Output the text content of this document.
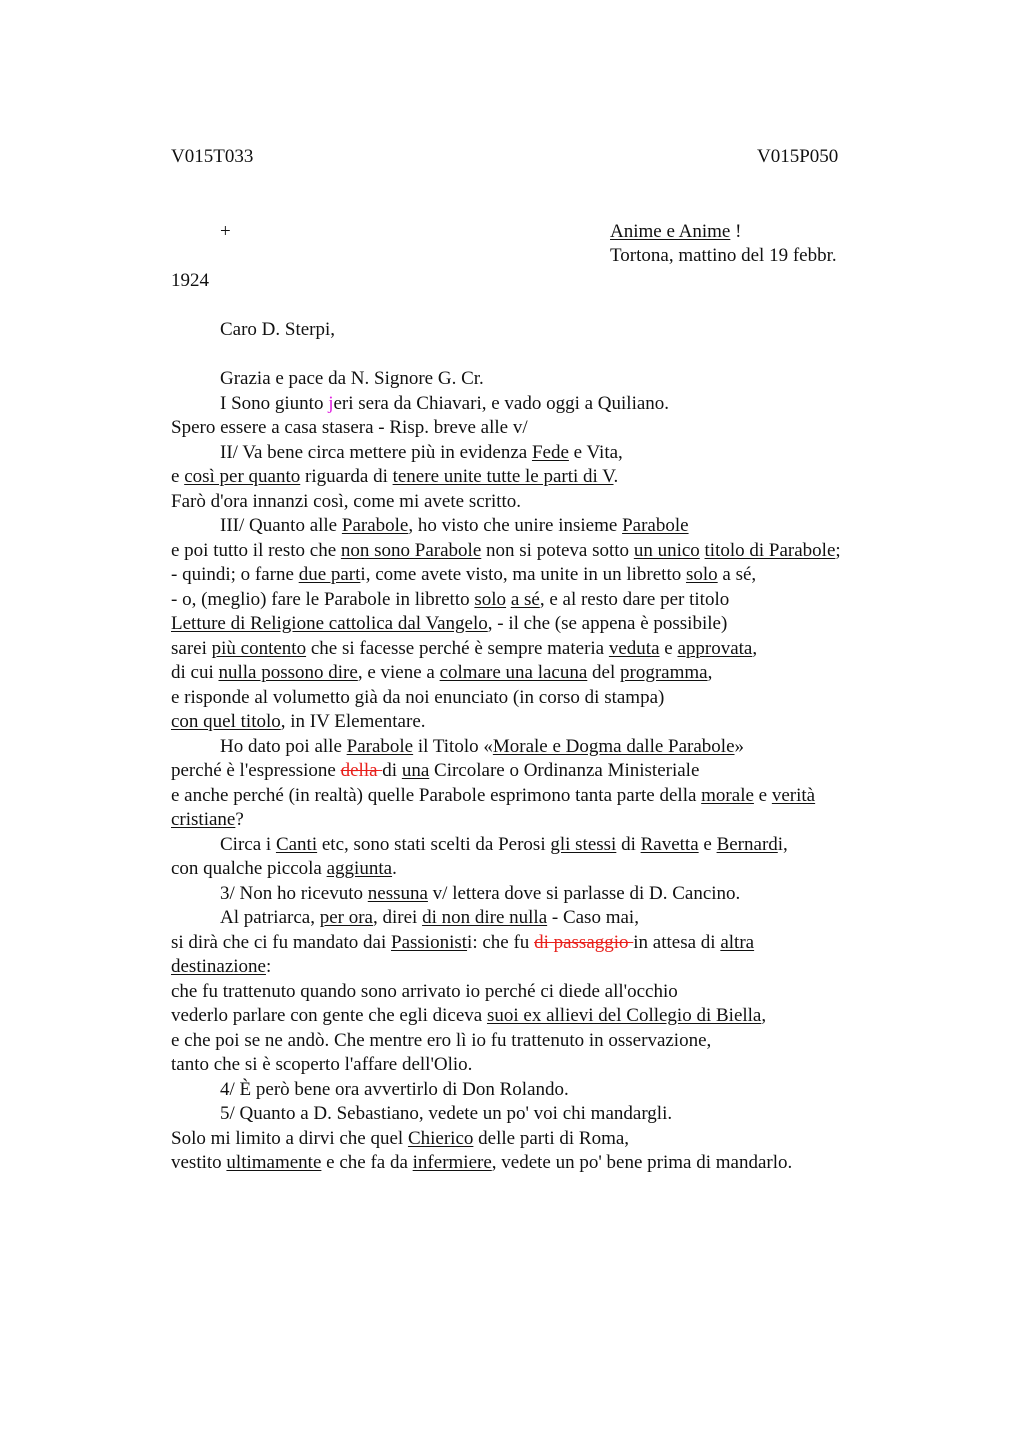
V015T033	V015P050
+	Anime e Anime !
Tortona, mattino del 19 febbr.
1924
Caro D. Sterpi,
Grazia e pace da N. Signore G. Cr.
I Sono giunto jeri sera da Chiavari, e vado oggi a Quiliano.
Spero essere a casa stasera - Risp. breve alle v/
II/ Va bene circa mettere più in evidenza Fede e Vita,
e così per quanto riguarda di tenere unite tutte le parti di V.
Farò d'ora innanzi così, come mi avete scritto.
III/ Quanto alle Parabole, ho visto che unire insieme Parabole
e poi tutto il resto che non sono Parabole non si poteva sotto un unico titolo di Parabole;
- quindi; o farne due parti, come avete visto, ma unite in un libretto solo a sé,
- o, (meglio) fare le Parabole in libretto solo a sé, e al resto dare per titolo
Letture di Religione cattolica dal Vangelo, - il che (se appena è possibile)
sarei più contento che si facesse perché è sempre materia veduta e approvata,
di cui nulla possono dire, e viene a colmare una lacuna del programma,
e risponde al volumetto già da noi enunciato (in corso di stampa)
con quel titolo, in IV Elementare.
Ho dato poi alle Parabole il Titolo «Morale e Dogma dalle Parabole»
perché è l'espressione della di una Circolare o Ordinanza Ministeriale
e anche perché (in realtà) quelle Parabole esprimono tanta parte della morale e verità
cristiane?
Circa i Canti etc, sono stati scelti da Perosi gli stessi di Ravetta e Bernardi,
con qualche piccola aggiunta.
3/ Non ho ricevuto nessuna v/ lettera dove si parlasse di D. Cancino.
Al patriarca, per ora, direi di non dire nulla - Caso mai,
si dirà che ci fu mandato dai Passionisti: che fu di passaggio in attesa di altra
destinazione:
che fu trattenuto quando sono arrivato io perché ci diede all'occhio
vederlo parlare con gente che egli diceva suoi ex allievi del Collegio di Biella,
e che poi se ne andò. Che mentre ero lì io fu trattenuto in osservazione,
tanto che si è scoperto l'affare dell'Olio.
4/ È però bene ora avvertirlo di Don Rolando.
5/ Quanto a D. Sebastiano, vedete un po' voi chi mandargli.
Solo mi limito a dirvi che quel Chierico delle parti di Roma,
vestito ultimamente e che fa da infermiere, vedete un po' bene prima di mandarlo.
